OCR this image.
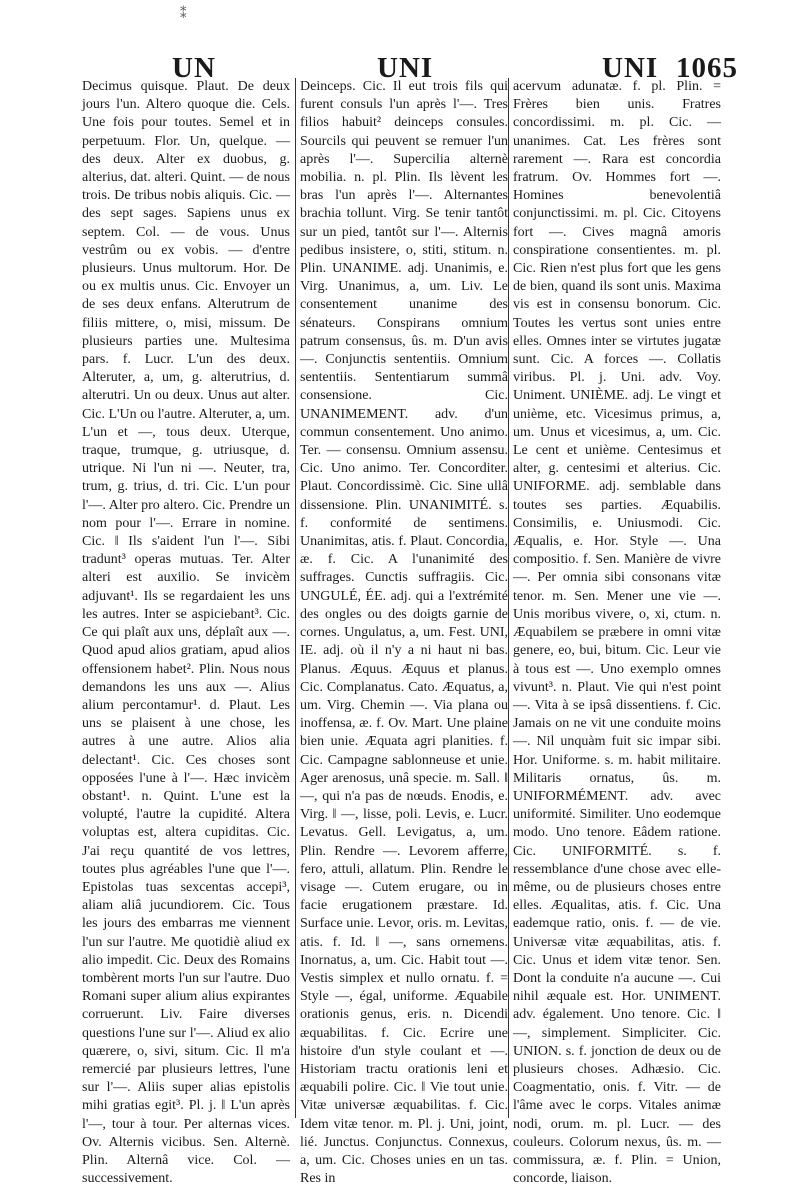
⁑
UN	UNI	UNI 1065

Decimus quisque. Plaut. De deux jours l'un. Altero quoque die. Cels. Une fois pour toutes. Semel et in perpetuum. Flor. Un, quelque. — des deux. Alter ex duobus, g. alterius, dat. alteri. Quint. — de nous trois. De tribus nobis aliquis. Cic. — des sept sages. Sapiens unus ex septem. Col. — de vous. Unus vestrûm ou ex vobis. — d'entre plusieurs. Unus multorum. Hor. De ou ex multis unus. Cic. Envoyer un de ses deux enfans. Alterutrum de filiis mittere, o, misi, missum. De plusieurs parties une. Multesima pars. f. Lucr. L'un des deux. Alteruter, a, um, g. alterutrius, d. alterutri. Un ou deux. Unus aut alter. Cic. L'Un ou l'autre. Alteruter, a, um. L'un et —, tous deux. Uterque, traque, trumque, g. utriusque, d. utrique. Ni l'un ni —. Neuter, tra, trum, g. trius, d. tri. Cic. L'un pour l'—. Alter pro altero. Cic. Prendre un nom pour l'—. Errare in nomine. Cic. ‖ Ils s'aident l'un l'—. Sibi tradunt³ operas mutuas. Ter. Alter alteri est auxilio. Se invicèm adjuvant¹. Ils se regardaient les uns les autres. Inter se aspiciebant³. Cic. Ce qui plaît aux uns, déplaît aux —. Quod apud alios gratiam, apud alios offensionem habet². Plin. Nous nous demandons les uns aux —. Alius alium percontamur¹. d. Plaut. Les uns se plaisent à une chose, les autres à une autre. Alios alia delectant¹. Cic. Ces choses sont opposées l'une à l'—. Hæc invicèm obstant¹. n. Quint. L'une est la volupté, l'autre la cupidité. Altera voluptas est, altera cupiditas. Cic. J'ai reçu quantité de vos lettres, toutes plus agréables l'une que l'—. Epistolas tuas sexcentas accepi³, aliam aliâ jucundiorem. Cic. Tous les jours des embarras me viennent l'un sur l'autre. Me quotidiè aliud ex alio impedit. Cic. Deux des Romains tombèrent morts l'un sur l'autre. Duo Romani super alium alius expirantes corruerunt. Liv. Faire diverses questions l'une sur l'—. Aliud ex alio quærere, o, sivi, situm. Cic. Il m'a remercié par plusieurs lettres, l'une sur l'—. Aliis super alias epistolis mihi gratias egit³. Pl. j. ‖ L'un après l'—, tour à tour. Per alternas vices. Ov. Alternis vicibus. Sen. Alternè. Plin. Alternâ vice. Col. — successivement.

Deinceps. Cic. Il eut trois fils qui furent consuls l'un après l'—. Tres filios habuit² deinceps consules. Sourcils qui peuvent se remuer l'un après l'—. Supercilia alternè mobilia. n. pl. Plin. Ils lèvent les bras l'un après l'—. Alternantes brachia tollunt. Virg. Se tenir tantôt sur un pied, tantôt sur l'—. Alternis pedibus insistere, o, stiti, stitum. n. Plin. UNANIME. adj. Unanimis, e. Virg. Unanimus, a, um. Liv. Le consentement unanime des sénateurs. Conspirans omnium patrum consensus, ûs. m. D'un avis —. Conjunctis sententiis. Omnium sententiis. Sententiarum summâ consensione. Cic. UNANIMEMENT. adv. d'un commun consentement. Uno animo. Ter. — consensu. Omnium assensu. Cic. Uno animo. Ter. Concorditer. Plaut. Concordissimè. Cic. Sine ullâ dissensione. Plin. UNANIMITÉ. s. f. conformité de sentimens. Unanimitas, atis. f. Plaut. Concordia, æ. f. Cic. A l'unanimité des suffrages. Cunctis suffragiis. Cic. UNGULÉ, ÉE. adj. qui a l'extrémité des ongles ou des doigts garnie de cornes. Ungulatus, a, um. Fest. UNI, IE. adj. où il n'y a ni haut ni bas. Planus. Æquus. Æquus et planus. Cic. Complanatus. Cato. Æquatus, a, um. Virg. Chemin —. Via plana ou inoffensa, æ. f. Ov. Mart. Une plaine bien unie. Æquata agri planities. f. Cic. Campagne sablonneuse et unie. Ager arenosus, unâ specie. m. Sall. ‖ —, qui n'a pas de nœuds. Enodis, e. Virg. ‖ —, lisse, poli. Levis, e. Lucr. Levatus. Gell. Levigatus, a, um. Plin. Rendre —. Levorem afferre, fero, attuli, allatum. Plin. Rendre le visage —. Cutem erugare, ou in facie erugationem præstare. Id. Surface unie. Levor, oris. m. Levitas, atis. f. Id. ‖ —, sans ornemens. Inornatus, a, um. Cic. Habit tout —. Vestis simplex et nullo ornatu. f. = Style —, égal, uniforme. Æquabile orationis genus, eris. n. Dicendi æquabilitas. f. Cic. Ecrire une histoire d'un style coulant et —. Historiam tractu orationis leni et æquabili polire. Cic. ‖ Vie tout unie. Vitæ universæ æquabilitas. f. Cic. Idem vitæ tenor. m. Pl. j. Uni, joint, lié. Junctus. Conjunctus. Connexus, a, um. Cic. Choses unies en un tas. Res in

acervum adunatæ. f. pl. Plin. = Frères bien unis. Fratres concordissimi. m. pl. Cic. — unanimes. Cat. Les frères sont rarement —. Rara est concordia fratrum. Ov. Hommes fort —. Homines benevolentiâ conjunctissimi. m. pl. Cic. Citoyens fort —. Cives magnâ amoris conspiratione consentientes. m. pl. Cic. Rien n'est plus fort que les gens de bien, quand ils sont unis. Maxima vis est in consensu bonorum. Cic. Toutes les vertus sont unies entre elles. Omnes inter se virtutes jugatæ sunt. Cic. A forces —. Collatis viribus. Pl. j. Uni. adv. Voy. Uniment. UNIÈME. adj. Le vingt et unième, etc. Vicesimus primus, a, um. Unus et vicesimus, a, um. Cic. Le cent et unième. Centesimus et alter, g. centesimi et alterius. Cic. UNIFORME. adj. semblable dans toutes ses parties. Æquabilis. Consimilis, e. Uniusmodi. Cic. Æqualis, e. Hor. Style —. Una compositio. f. Sen. Manière de vivre —. Per omnia sibi consonans vitæ tenor. m. Sen. Mener une vie —. Unis moribus vivere, o, xi, ctum. n. Æquabilem se præbere in omni vitæ genere, eo, bui, bitum. Cic. Leur vie à tous est —. Uno exemplo omnes vivunt³. n. Plaut. Vie qui n'est point —. Vita à se ipsâ dissentiens. f. Cic. Jamais on ne vit une conduite moins —. Nil unquàm fuit sic impar sibi. Hor. Uniforme. s. m. habit militaire. Militaris ornatus, ûs. m. UNIFORMÉMENT. adv. avec uniformité. Similiter. Uno eodemque modo. Uno tenore. Eâdem ratione. Cic. UNIFORMITÉ. s. f. ressemblance d'une chose avec elle-même, ou de plusieurs choses entre elles. Æqualitas, atis. f. Cic. Una eademque ratio, onis. f. — de vie. Universæ vitæ æquabilitas, atis. f. Cic. Unus et idem vitæ tenor. Sen. Dont la conduite n'a aucune —. Cui nihil æquale est. Hor. UNIMENT. adv. également. Uno tenore. Cic. ‖ —, simplement. Simpliciter. Cic. UNION. s. f. jonction de deux ou de plusieurs choses. Adhæsio. Cic. Coagmentatio, onis. f. Vitr. — de l'âme avec le corps. Vitales animæ nodi, orum. m. pl. Lucr. — des couleurs. Colorum nexus, ûs. m. — commissura, æ. f. Plin. = Union, concorde, liaison.
